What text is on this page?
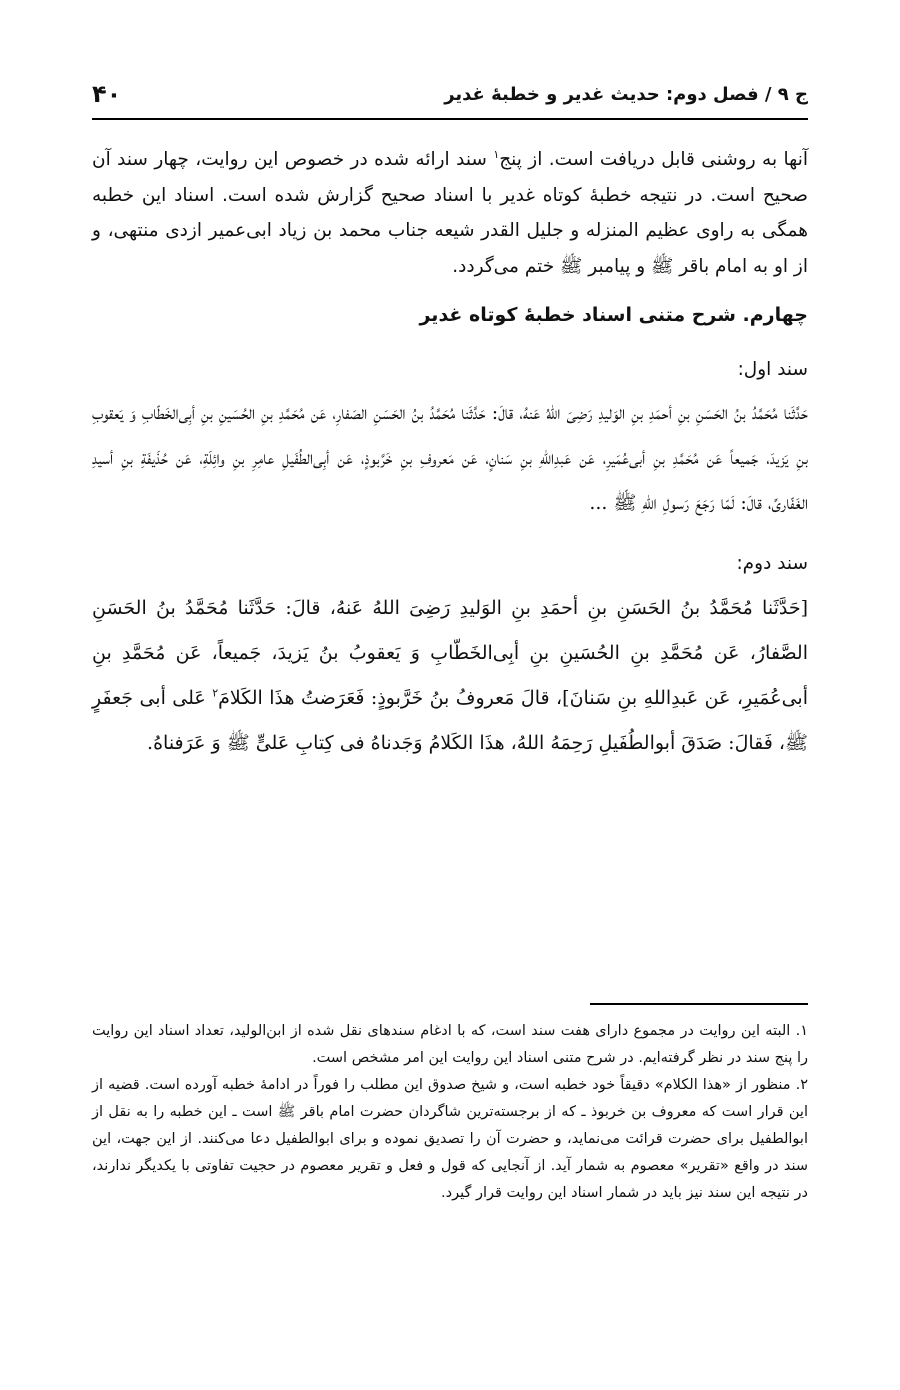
ج ۹ / فصل دوم: حدیث غدیر و خطبهٔ غدیر
۴۰

آنها به روشنی قابل دریافت است. از پنج$^۱$ سند ارائه شده در خصوص این روایت، چهار سند آن صحیح است. در نتیجه خطبهٔ کوتاه غدیر با اسناد صحیح گزارش شده است. اسناد این خطبه همگی به راوی عظیم المنزله و جلیل القدر شیعه جناب محمد بن زیاد ابی‌عمیر ازدی منتهی، و از او به امام باقر ﷺ و پیامبر ﷺ ختم می‌گردد.

چهارم. شرح متنی اسناد خطبهٔ کوتاه غدیر

سند اول:

حَدَّثَنا مُحَمَّدُ بنُ الحَسَنِ بنِ أحمَدِ بنِ الوَلیدِ رَضِیَ اللهُ عَنهُ، قالَ: حَدَّثَنا مُحَمَّدُ بنُ الحَسَنِ الصَفارِ، عَن مُحَمَّدِ بنِ الحُسَینِ بنِ أبِی‌الخَطّابِ وَ یَعقوبِ بنِ یَزیدَ، جَمیعاً عَن مُحَمَّدِ بنِ أبی‌عُمَیرِ، عَن عَبدِاللهِ بنِ سَنانٍ، عَن مَعروفِ بنِ خَرَّبوذٍ، عَن أبِی‌الطُفَیلِ عامِرِ بنِ وائِلَةِ، عَن حُذَیفَةِ بنِ أسیدِ الغَفّاریِّ، قالَ: لَمّا رَجَعَ رَسولِ اللهِ ﷺ ...

سند دوم:

[حَدَّثَنا مُحَمَّدُ بنُ الحَسَنِ بنِ أحمَدِ بنِ الوَلیدِ رَضِیَ اللهُ عَنهُ، قالَ: حَدَّثَنا مُحَمَّدُ بنُ الحَسَنِ الصَّفارُ، عَن مُحَمَّدِ بنِ الحُسَینِ بنِ أبِی‌الخَطّابِ وَ یَعقوبُ بنُ یَزیدَ، جَمیعاً، عَن مُحَمَّدِ بنِ أبی‌عُمَیرِ، عَن عَبدِاللهِ بنِ سَنانَ]، قالَ مَعروفُ بنُ خَرَّبوذٍ: فَعَرَضتُ هذَا الکَلامَ$^۲$ عَلی أبی جَعفَرٍ ﷺ، فَقالَ: صَدَقَ أبوالطُفَیلِ رَحِمَهُ اللهُ، هذَا الکَلامُ وَجَدناهُ فی کِتابِ عَلیٍّ ﷺ وَ عَرَفناهُ.

۱. البته این روایت در مجموع دارای هفت سند است، که با ادغام سندهای نقل شده از ابن‌الولید، تعداد اسناد این روایت را پنج سند در نظر گرفته‌ایم. در شرح متنی اسناد این روایت این امر مشخص است.

۲. منظور از «هذا الکلام» دقیقاً خود خطبه است، و شیخ صدوق این مطلب را فوراً در ادامهٔ خطبه آورده است. قضیه از این قرار است که معروف بن خربوذ ـ که از برجسته‌ترین شاگردان حضرت امام باقر ﷺ است ـ این خطبه را به نقل از ابوالطفیل برای حضرت قرائت می‌نماید، و حضرت آن را تصدیق نموده و برای ابوالطفیل دعا می‌کنند. از این جهت، این سند در واقع «تقریر» معصوم به شمار آید. از آنجایی که قول و فعل و تقریر معصوم در حجیت تفاوتی با یکدیگر ندارند، در نتیجه این سند نیز باید در شمار اسناد این روایت قرار گیرد.
